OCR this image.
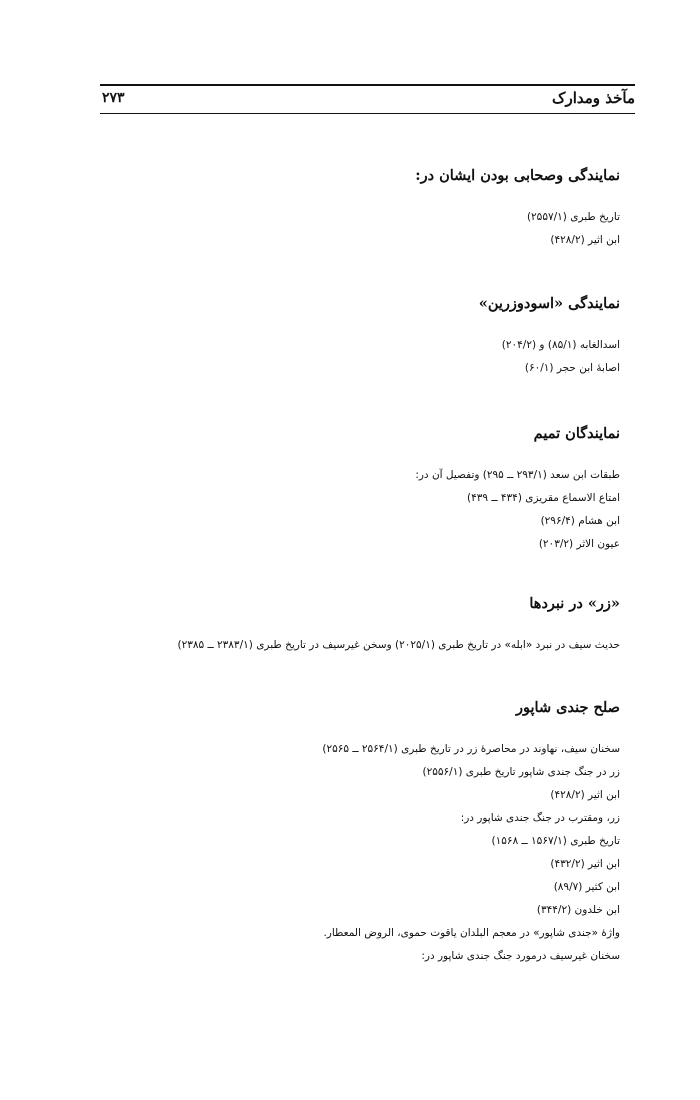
مآخذ ومدارک
۲۷۳
نمایندگی وصحابی بودن ایشان در:
تاریخ طبری (۲۵۵۷/۱)
ابن اثیر (۴۲۸/۲)
نمایندگی «اسودوزرین»
اسدالغابه (۸۵/۱) و (۲۰۴/۲)
اصابهٔ ابن حجر (۶۰/۱)
نمایندگان تمیم
طبقات ابن سعد (۲۹۳/۱ ــ ۲۹۵) وتفصیل آن در:
امتاع الاسماع مقریزی (۴۳۴ ــ ۴۳۹)
ابن هشام (۲۹۶/۴)
عیون الاثر (۲۰۳/۲)
«زر» در نبردها
حدیث سیف در نبرد «ابله» در تاریخ طبری (۲۰۲۵/۱) وسخن غیرسیف در تاریخ طبری (۲۳۸۳/۱ ــ ۲۳۸۵)
صلح جندی شاپور
سخنان سیف، نهاوند در محاصرهٔ زر در تاریخ طبری (۲۵۶۴/۱ ــ ۲۵۶۵)
زر در جنگ جندی شاپور تاریخ طبری (۲۵۵۶/۱)
ابن اثیر (۴۲۸/۲)
زر، ومقترب در جنگ جندی شاپور در:
تاریخ طبری (۱۵۶۷/۱ ــ ۱۵۶۸)
ابن اثیر (۴۳۲/۲)
ابن کثیر (۸۹/۷)
ابن خلدون (۳۴۴/۲)
واژهٔ «جندی شاپور» در معجم البلدان یاقوت حموی، الروض المعطار.
سخنان غیرسیف درمورد جنگ جندی شاپور در:
